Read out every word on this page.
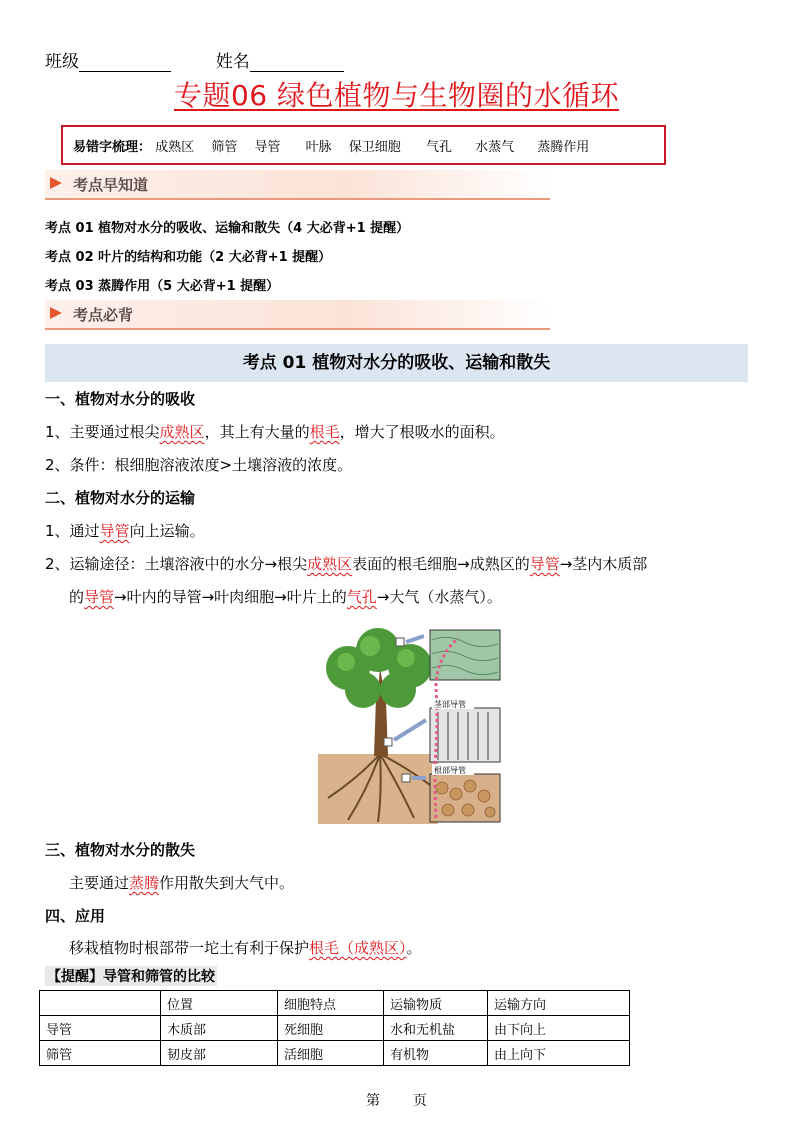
班级	姓名
专题06 绿色植物与生物圈的水循环
易错字梳理： 成熟区 筛管 导管 叶脉 保卫细胞 气孔 水蒸气 蒸腾作用
考点早知道
考点 01 植物对水分的吸收、运输和散失（4 大必背+1 提醒）
考点 02 叶片的结构和功能（2 大必背+1 提醒）
考点 03 蒸腾作用（5 大必背+1 提醒）
考点必背
考点 01 植物对水分的吸收、运输和散失
一、植物对水分的吸收
1、主要通过根尖成熟区，其上有大量的根毛，增大了根吸水的面积。
2、条件：根细胞溶液浓度>土壤溶液的浓度。
二、植物对水分的运输
1、通过导管向上运输。
2、运输途径：土壤溶液中的水分→根尖成熟区表面的根毛细胞→成熟区的导管→茎内木质部
的导管→叶内的导管→叶肉细胞→叶片上的气孔→大气（水蒸气）。
茎部导管
根部导管
三、植物对水分的散失
主要通过蒸腾作用散失到大气中。
四、应用
移栽植物时根部带一坨土有利于保护根毛（成熟区）。
【提醒】导管和筛管的比较
	位置	细胞特点	运输物质	运输方向
导管	木质部	死细胞	水和无机盐	由下向上
筛管	韧皮部	活细胞	有机物	由上向下
第 页
